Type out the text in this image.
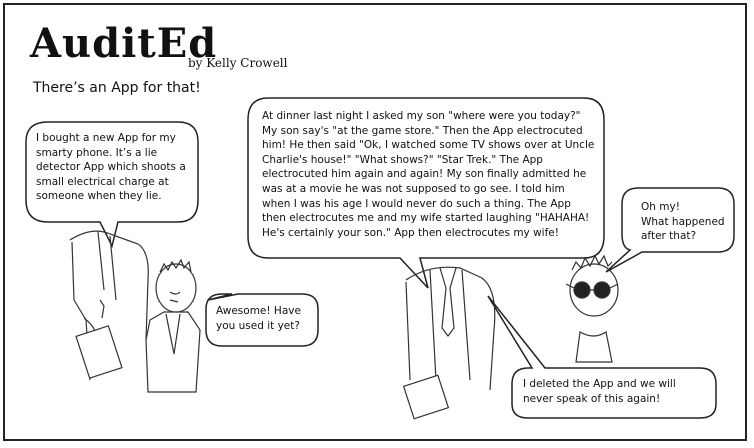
AuditEd
by Kelly Crowell
There’s an App for that!
I bought a new App for my smarty phone. It’s a lie detector App which shoots a small electrical charge at someone when they lie.
Awesome! Have you used it yet?
At dinner last night I asked my son "where were you today?" My son say's "at the game store." Then the App electrocuted him! He then said "Ok, I watched some TV shows over at Uncle Charlie's house!" "What shows?" "Star Trek." The App electrocuted him again and again! My son finally admitted he was at a movie he was not supposed to go see. I told him when I was his age I would never do such a thing. The App then electrocutes me and my wife started laughing "HAHAHA! He's certainly your son." App then electrocutes my wife!
Oh my!
What happened after that?
I deleted the App and we will never speak of this again!
